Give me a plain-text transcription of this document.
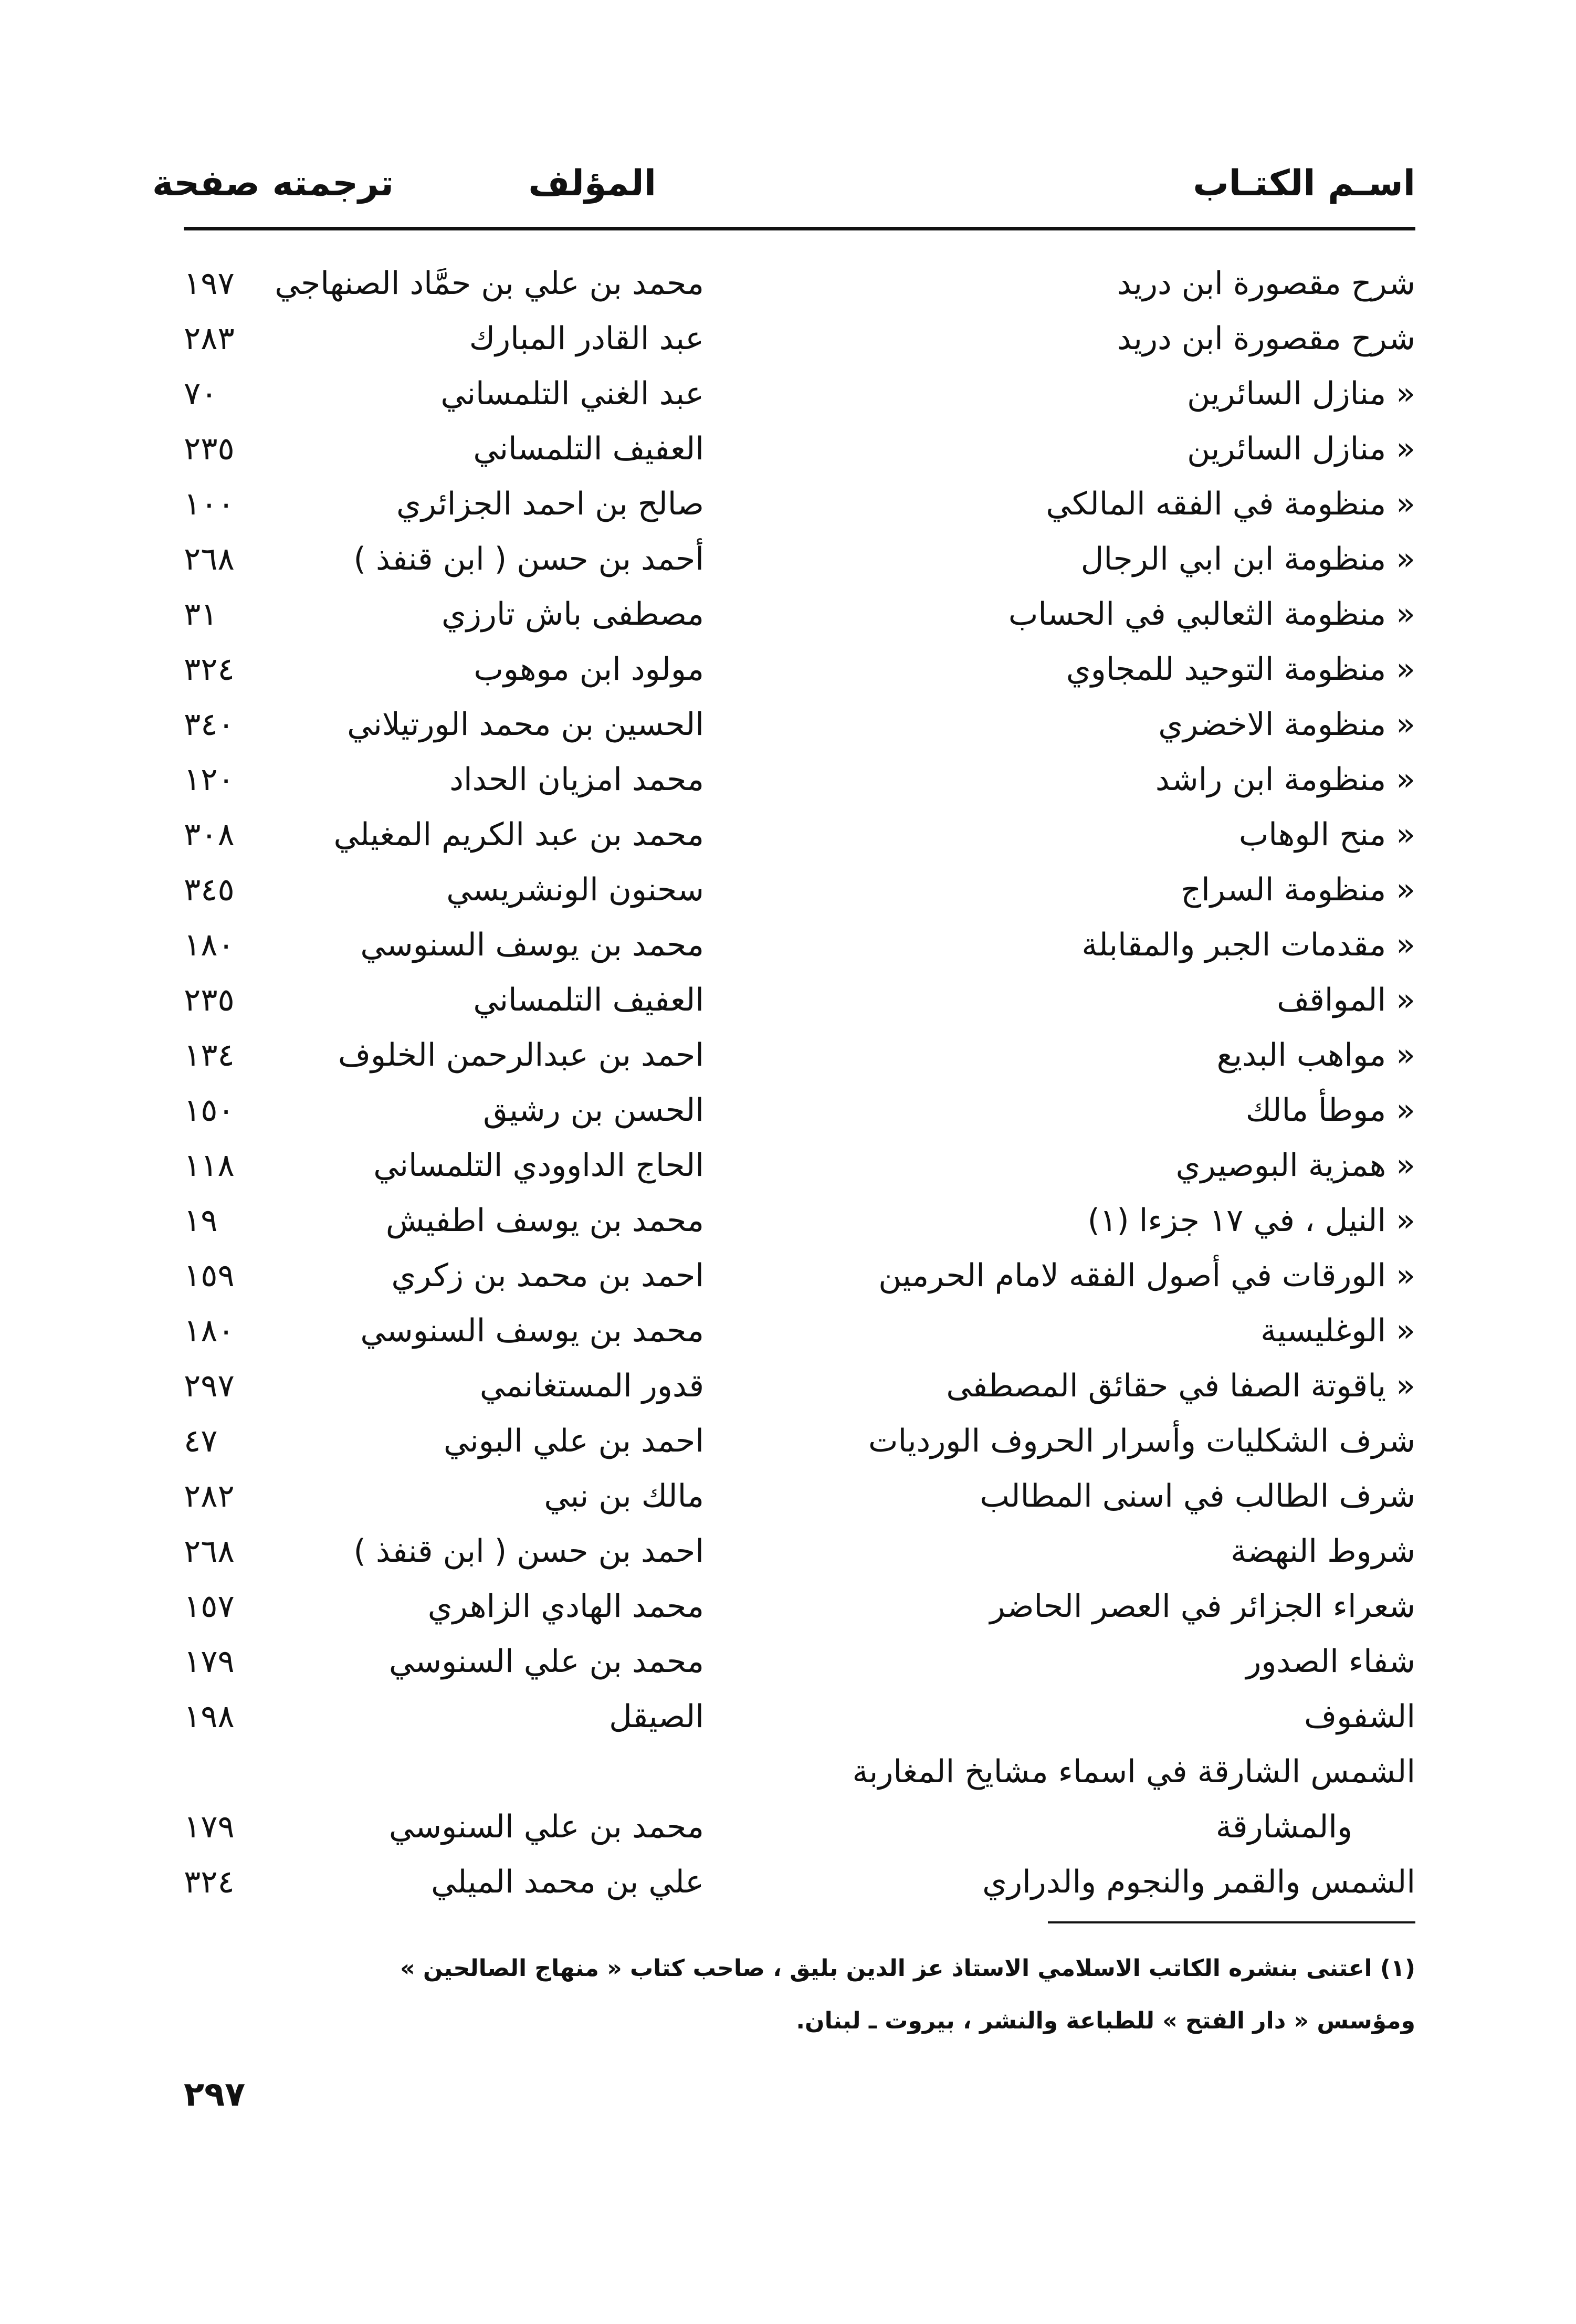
اسـم الكتـاب
المؤلف
ترجمته صفحة
شرح مقصورة ابن دريد
محمد بن علي بن حمَّاد الصنهاجي
١٩٧
شرح مقصورة ابن دريد
عبد القادر المبارك
٢٨٣
« منازل السائرين
عبد الغني التلمساني
٧٠
« منازل السائرين
العفيف التلمساني
٢٣٥
« منظومة في الفقه المالكي
صالح بن احمد الجزائري
١٠٠
« منظومة ابن ابي الرجال
أحمد بن حسن ( ابن قنفذ )
٢٦٨
« منظومة الثعالبي في الحساب
مصطفى باش تارزي
٣١
« منظومة التوحيد للمجاوي
مولود ابن موهوب
٣٢٤
« منظومة الاخضري
الحسين بن محمد الورتيلاني
٣٤٠
« منظومة ابن راشد
محمد امزيان الحداد
١٢٠
« منح الوهاب
محمد بن عبد الكريم المغيلي
٣٠٨
« منظومة السراج
سحنون الونشريسي
٣٤٥
« مقدمات الجبر والمقابلة
محمد بن يوسف السنوسي
١٨٠
« المواقف
العفيف التلمساني
٢٣٥
« مواهب البديع
احمد بن عبدالرحمن الخلوف
١٣٤
« موطأ مالك
الحسن بن رشيق
١٥٠
« همزية البوصيري
الحاج الداوودي التلمساني
١١٨
« النيل ، في ١٧ جزءا (١)
محمد بن يوسف اطفيش
١٩
« الورقات في أصول الفقه لامام الحرمين
احمد بن محمد بن زكري
١٥٩
« الوغليسية
محمد بن يوسف السنوسي
١٨٠
« ياقوتة الصفا في حقائق المصطفى
قدور المستغانمي
٢٩٧
شرف الشكليات وأسرار الحروف الورديات
احمد بن علي البوني
٤٧
شرف الطالب في اسنى المطالب
مالك بن نبي
٢٨٢
شروط النهضة
احمد بن حسن ( ابن قنفذ )
٢٦٨
شعراء الجزائر في العصر الحاضر
محمد الهادي الزاهري
١٥٧
شفاء الصدور
محمد بن علي السنوسي
١٧٩
الشفوف
الصيقل
١٩٨
الشمس الشارقة في اسماء مشايخ المغاربة
والمشارقة
محمد بن علي السنوسي
١٧٩
الشمس والقمر والنجوم والدراري
علي بن محمد الميلي
٣٢٤
(١) اعتنى بنشره الكاتب الاسلامي الاستاذ عز الدين بليق ، صاحب كتاب « منهاج الصالحين »
ومؤسس « دار الفتح » للطباعة والنشر ، بيروت ـ لبنان.
٢٩٧
